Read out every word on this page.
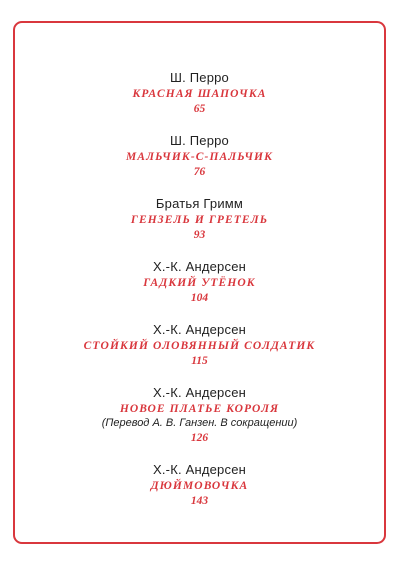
Ш. Перро
КРАСНАЯ ШАПОЧКА
65
Ш. Перро
МАЛЬЧИК-С-ПАЛЬЧИК
76
Братья Гримм
ГЕНЗЕЛЬ И ГРЕТЕЛЬ
93
Х.-К. Андерсен
ГАДКИЙ УТЁНОК
104
Х.-К. Андерсен
СТОЙКИЙ ОЛОВЯННЫЙ СОЛДАТИК
115
Х.-К. Андерсен
НОВОЕ ПЛАТЬЕ КОРОЛЯ
(Перевод А. В. Ганзен. В сокращении)
126
Х.-К. Андерсен
ДЮЙМОВОЧКА
143
